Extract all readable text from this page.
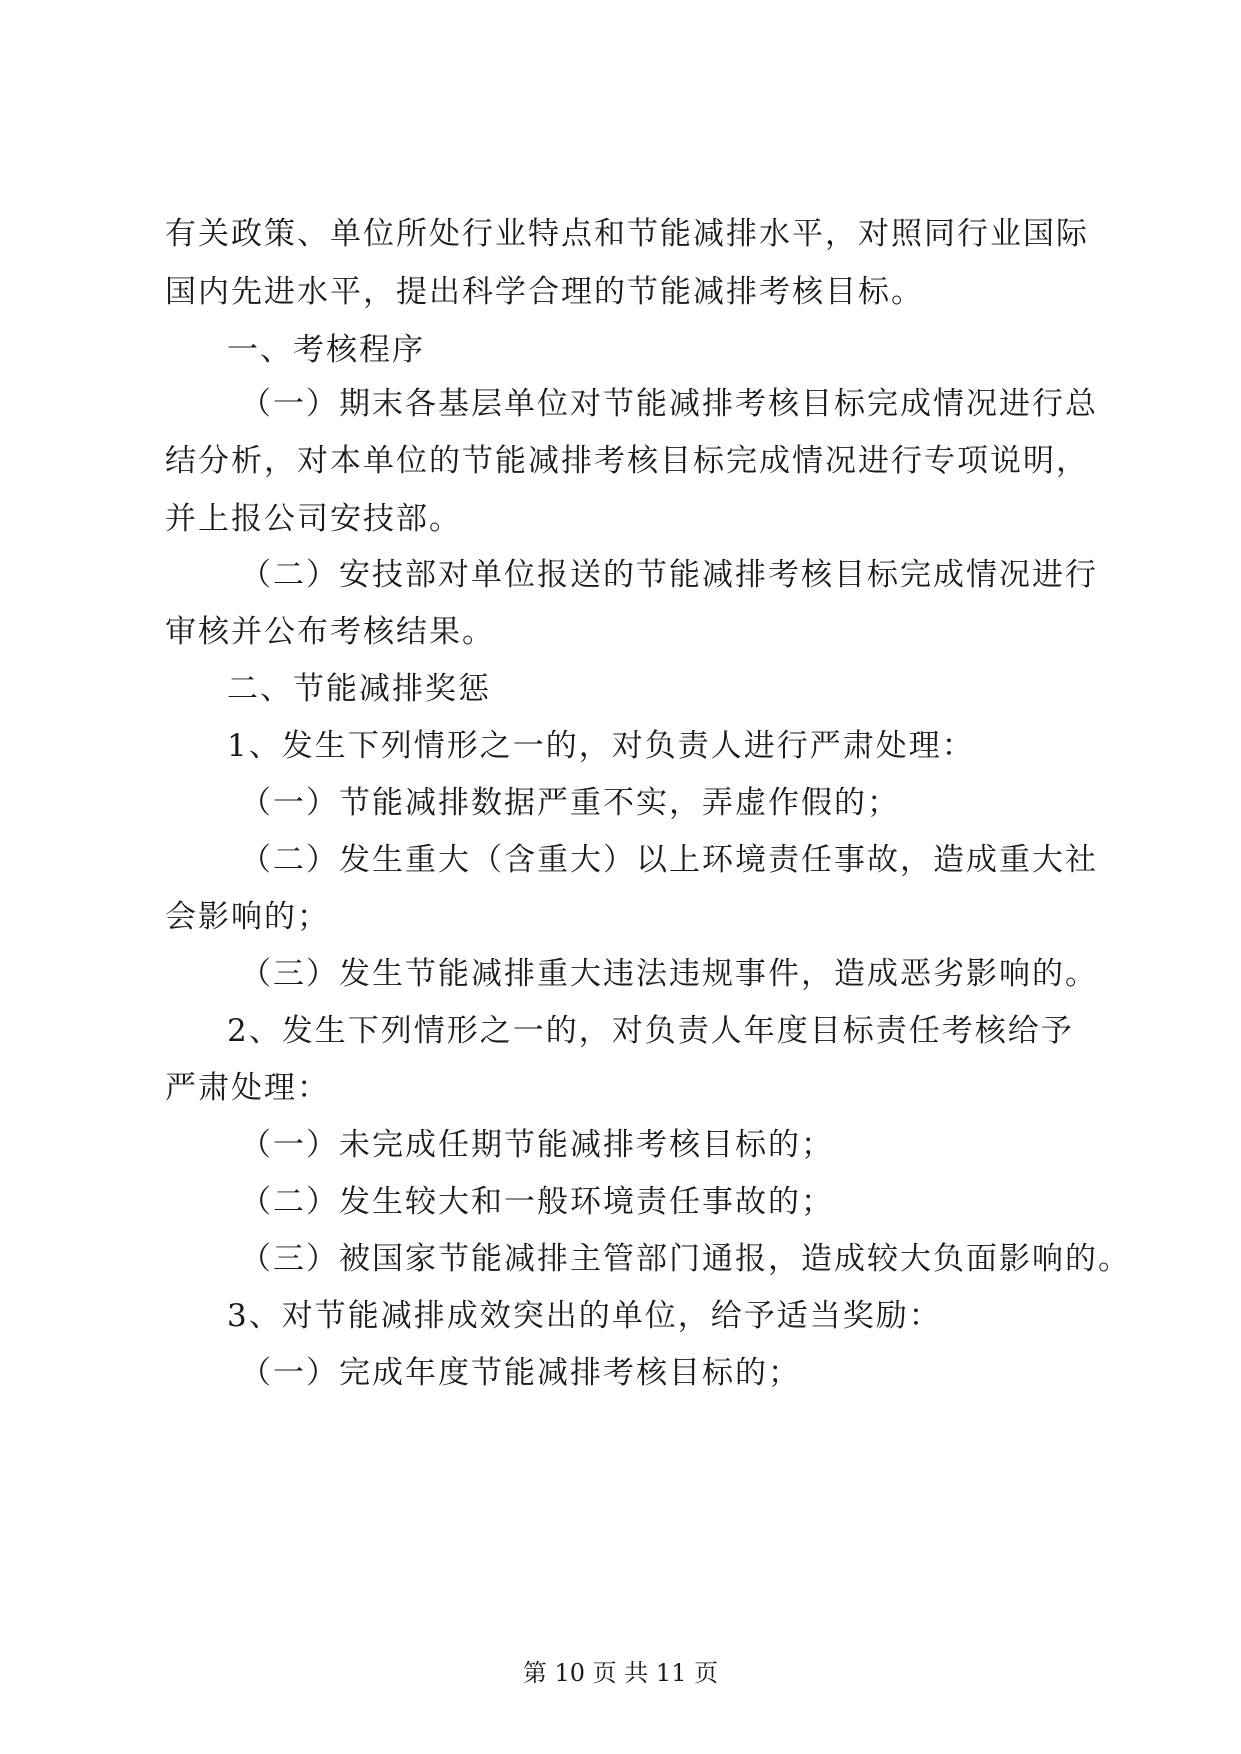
有关政策、单位所处行业特点和节能减排水平，对照同行业国际
国内先进水平，提出科学合理的节能减排考核目标。
一、考核程序
（一）期末各基层单位对节能减排考核目标完成情况进行总
结分析，对本单位的节能减排考核目标完成情况进行专项说明，
并上报公司安技部。
（二）安技部对单位报送的节能减排考核目标完成情况进行
审核并公布考核结果。
二、节能减排奖惩
1、发生下列情形之一的，对负责人进行严肃处理：
（一）节能减排数据严重不实，弄虚作假的；
（二）发生重大（含重大）以上环境责任事故，造成重大社
会影响的；
（三）发生节能减排重大违法违规事件，造成恶劣影响的。
2、发生下列情形之一的，对负责人年度目标责任考核给予
严肃处理：
（一）未完成任期节能减排考核目标的；
（二）发生较大和一般环境责任事故的；
（三）被国家节能减排主管部门通报，造成较大负面影响的。
3、对节能减排成效突出的单位，给予适当奖励：
（一）完成年度节能减排考核目标的；
第 10 页 共 11 页
